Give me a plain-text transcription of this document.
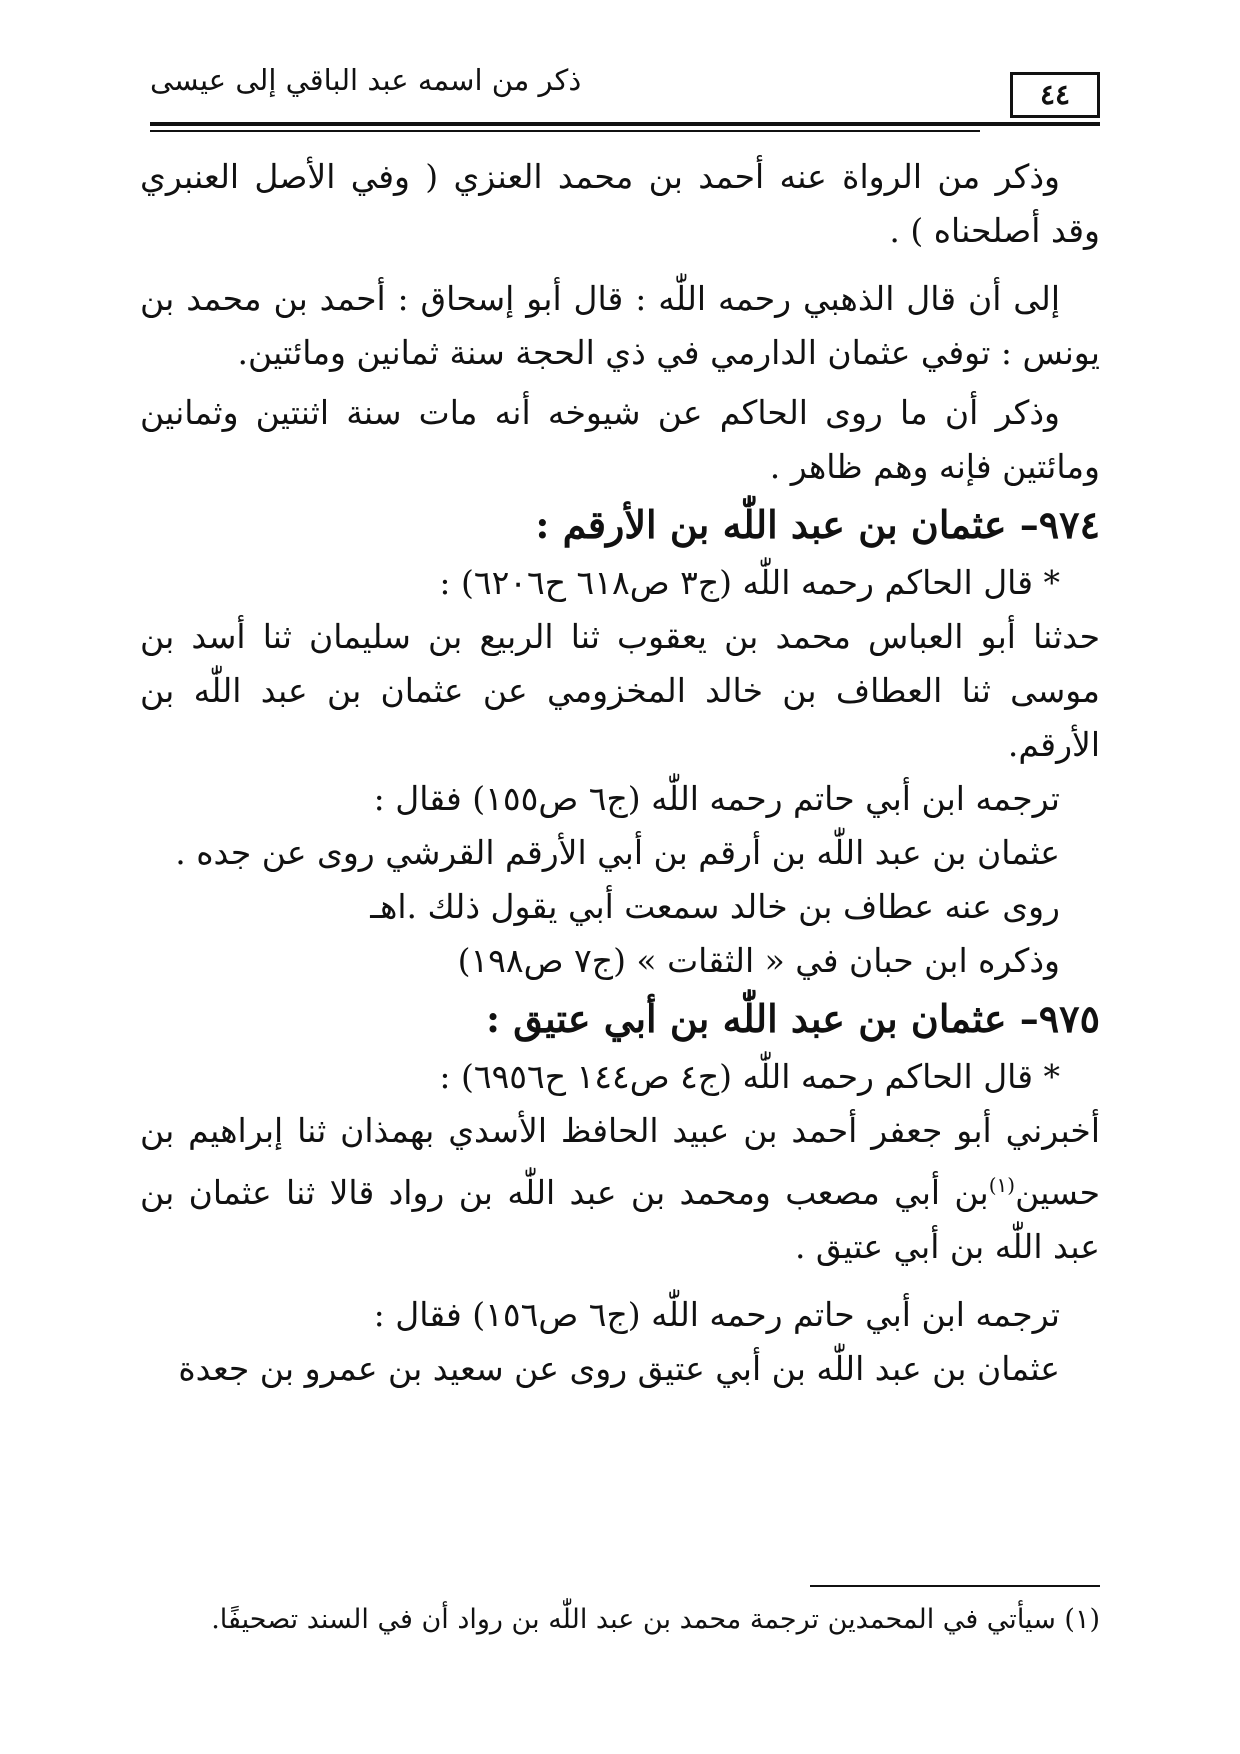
ذكر من اسمه عبد الباقي إلى عيسى	٤٤

وذكر من الرواة عنه أحمد بن محمد العنزي ( وفي الأصل العنبري وقد أصلحناه ) .

إلى أن قال الذهبي رحمه اللّٰه : قال أبو إسحاق : أحمد بن محمد بن يونس : توفي عثمان الدارمي في ذي الحجة سنة ثمانين ومائتين.

وذكر أن ما روى الحاكم عن شيوخه أنه مات سنة اثنتين وثمانين ومائتين فإنه وهم ظاهر .

٩٧٤– عثمان بن عبد اللّٰه بن الأرقم :

* قال الحاكم رحمه اللّٰه (ج٣ ص٦١٨ ح٦٢٠٦) :

حدثنا أبو العباس محمد بن يعقوب ثنا الربيع بن سليمان ثنا أسد بن موسى ثنا العطاف بن خالد المخزومي عن عثمان بن عبد اللّٰه بن الأرقم.

ترجمه ابن أبي حاتم رحمه اللّٰه (ج٦ ص١٥٥) فقال :

عثمان بن عبد اللّٰه بن أرقم بن أبي الأرقم القرشي روى عن جده .

روى عنه عطاف بن خالد سمعت أبي يقول ذلك .اهـ

وذكره ابن حبان في « الثقات » (ج٧ ص١٩٨)

٩٧٥– عثمان بن عبد اللّٰه بن أبي عتيق :

* قال الحاكم رحمه اللّٰه (ج٤ ص١٤٤ ح٦٩٥٦) :

أخبرني أبو جعفر أحمد بن عبيد الحافظ الأسدي بهمذان ثنا إبراهيم بن حسين$^{(١)}$بن أبي مصعب ومحمد بن عبد اللّٰه بن رواد قالا ثنا عثمان بن عبد اللّٰه بن أبي عتيق .

ترجمه ابن أبي حاتم رحمه اللّٰه (ج٦ ص١٥٦) فقال :

عثمان بن عبد اللّٰه بن أبي عتيق روى عن سعيد بن عمرو بن جعدة

(١) سيأتي في المحمدين ترجمة محمد بن عبد اللّٰه بن رواد أن في السند تصحيفًا.
